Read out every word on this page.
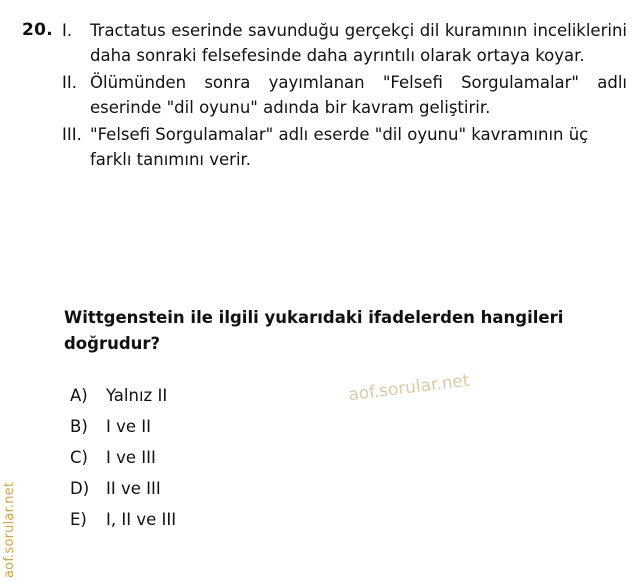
aof.sorular.net
20. I.	Tractatus eserinde savunduğu gerçekçi dil kuramının inceliklerini daha sonraki felsefesinde daha ayrıntılı olarak ortaya koyar.
II. Ölümünden sonra yayımlanan "Felsefi Sorgulamalar" adlı eserinde "dil oyunu" adında bir kavram geliştirir.
III. "Felsefi Sorgulamalar" adlı eserde "dil oyunu" kavramının üç farklı tanımını verir.
Wittgenstein ile ilgili yukarıdaki ifadelerden hangileri doğrudur?
aof.sorular.net
A)	Yalnız II
B)	I ve II
C)	I ve III
D)	II ve III
E)	I, II ve III
